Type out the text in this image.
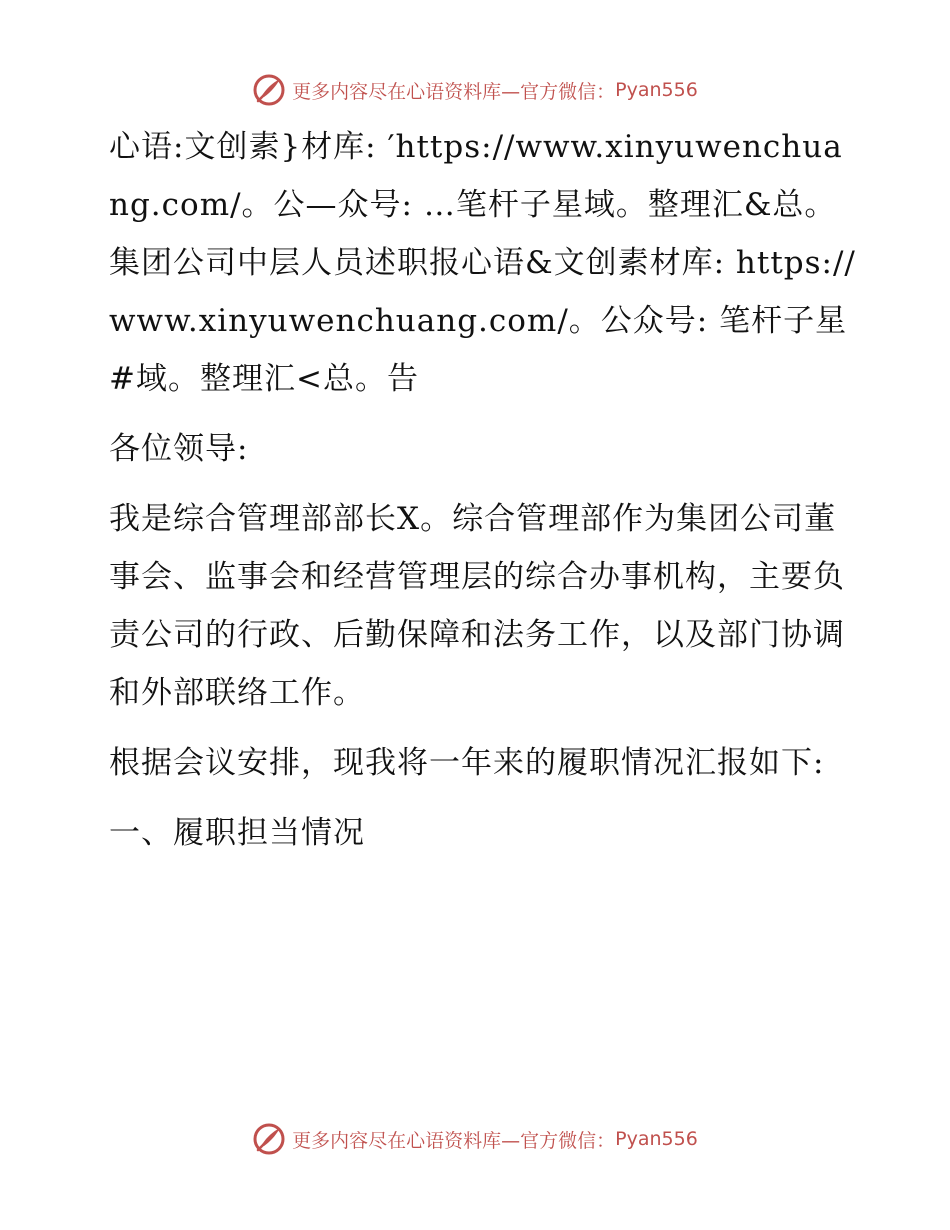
更多内容尽在心语资料库—官方微信： Pyan556

心语:文创素}材库: ′https://www.xinyuwenchuang.com/。公—众号: …笔杆子星域。整理汇&总。集团公司中层人员述职报心语&文创素材库: https://www.xinyuwenchuang.com/。公众号: 笔杆子星#域。整理汇<总。告

各位领导:

我是综合管理部部长X。综合管理部作为集团公司董事会、监事会和经营管理层的综合办事机构，主要负责公司的行政、后勤保障和法务工作，以及部门协调和外部联络工作。

根据会议安排，现我将一年来的履职情况汇报如下:

一、履职担当情况

更多内容尽在心语资料库—官方微信： Pyan556
